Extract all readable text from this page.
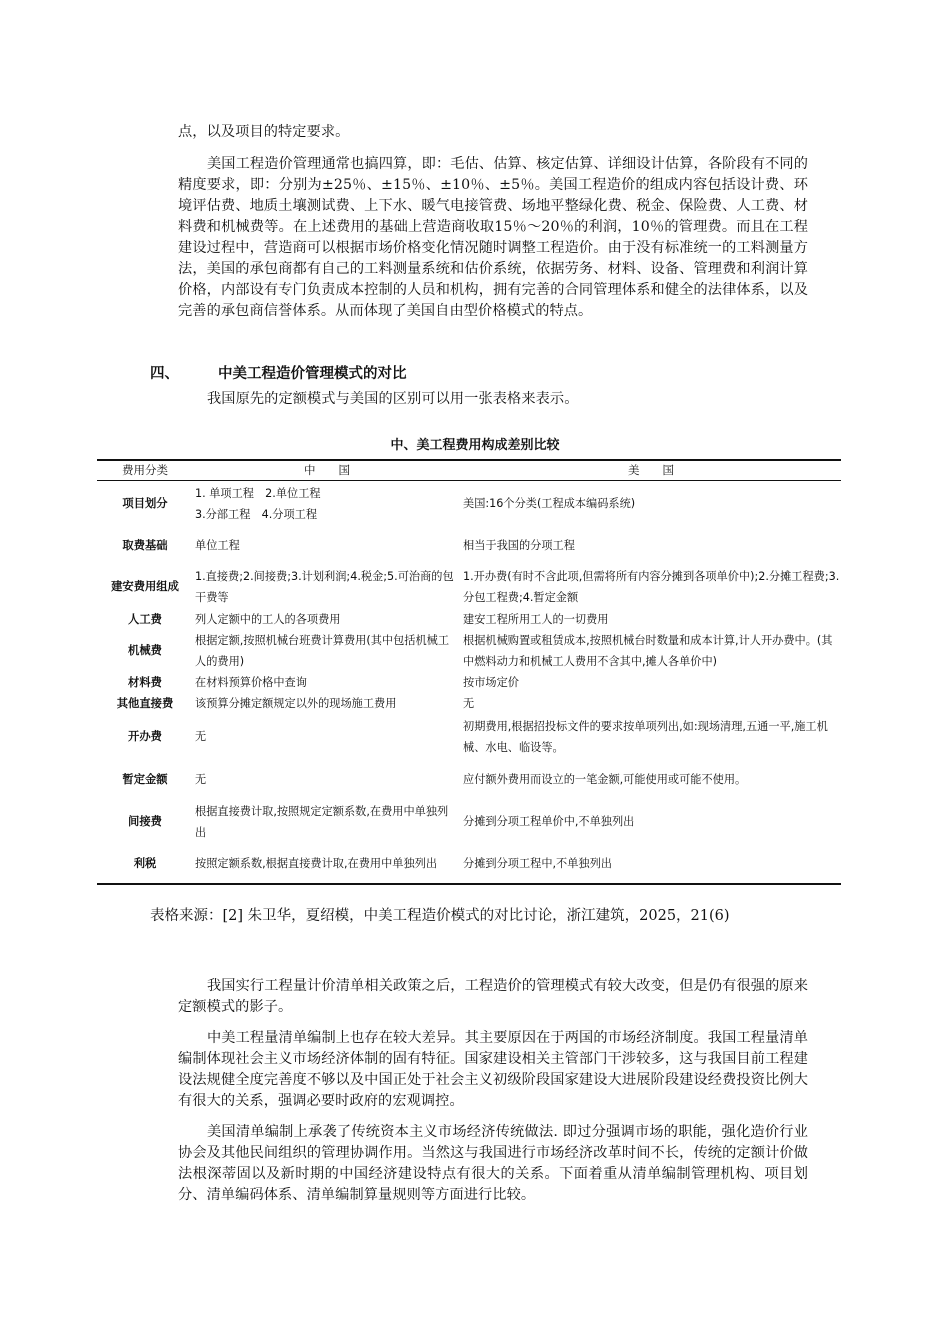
点，以及项目的特定要求。

美国工程造价管理通常也搞四算，即：毛估、估算、核定估算、详细设计估算，各阶段有不同的精度要求，即：分别为±25％、±15％、±10％、±5％。美国工程造价的组成内容包括设计费、环境评估费、地质土壤测试费、上下水、暖气电接管费、场地平整绿化费、税金、保险费、人工费、材料费和机械费等。在上述费用的基础上营造商收取15％～20％的利润，10％的管理费。而且在工程建设过程中，营造商可以根据市场价格变化情况随时调整工程造价。由于没有标准统一的工料测量方法，美国的承包商都有自己的工料测量系统和估价系统，依据劳务、材料、设备、管理费和利润计算价格，内部设有专门负责成本控制的人员和机构，拥有完善的合同管理体系和健全的法律体系，以及完善的承包商信誉体系。从而体现了美国自由型价格模式的特点。

四、	中美工程造价管理模式的对比

我国原先的定额模式与美国的区别可以用一张表格来表示。

中、美工程费用构成差别比较
费用分类	中　　国	美　　国
项目划分	1. 单项工程　2.单位工程
3.分部工程　4.分项工程	美国:16个分类(工程成本编码系统)
取费基础	单位工程	相当于我国的分项工程
建安费用组成	1.直接费;2.间接费;3.计划利润;4.税金;5.可治商的包干费等	1.开办费(有时不含此项,但需将所有内容分摊到各项单价中);2.分摊工程费;3.分包工程费;4.暂定金额
人工费	列人定额中的工人的各项费用	建安工程所用工人的一切费用
机械费	根据定额,按照机械台班费计算费用(其中包括机械工人的费用)	根据机械购置或租赁成本,按照机械台时数量和成本计算,计人开办费中。(其中燃料动力和机械工人费用不含其中,摊人各单价中)
材料费	在材料预算价格中查询	按市场定价
其他直接费	该预算分摊定额规定以外的现场施工费用	无
开办费	无	初期费用,根据招投标文件的要求按单项列出,如:现场清理,五通一平,施工机械、水电、临设等。
暂定金额	无	应付额外费用而设立的一笔金额,可能使用或可能不使用。
间接费	根据直接费计取,按照规定定额系数,在费用中单独列出	分摊到分项工程单价中,不单独列出
利税	按照定额系数,根据直接费计取,在费用中单独列出	分摊到分项工程中,不单独列出
表格来源：[2] 朱卫华，夏绍模，中美工程造价模式的对比讨论，浙江建筑，2025，21(6)

我国实行工程量计价清单相关政策之后，工程造价的管理模式有较大改变，但是仍有很强的原来定额模式的影子。

中美工程量清单编制上也存在较大差异。其主要原因在于两国的市场经济制度。我国工程量清单编制体现社会主义市场经济体制的固有特征。国家建设相关主管部门干涉较多，这与我国目前工程建设法规健全度完善度不够以及中国正处于社会主义初级阶段国家建设大进展阶段建设经费投资比例大有很大的关系，强调必要时政府的宏观调控。

美国清单编制上承袭了传统资本主义市场经济传统做法. 即过分强调市场的职能，强化造价行业协会及其他民间组织的管理协调作用。当然这与我国进行市场经济改革时间不长，传统的定额计价做法根深蒂固以及新时期的中国经济建设特点有很大的关系。下面着重从清单编制管理机构、项目划分、清单编码体系、清单编制算量规则等方面进行比较。
